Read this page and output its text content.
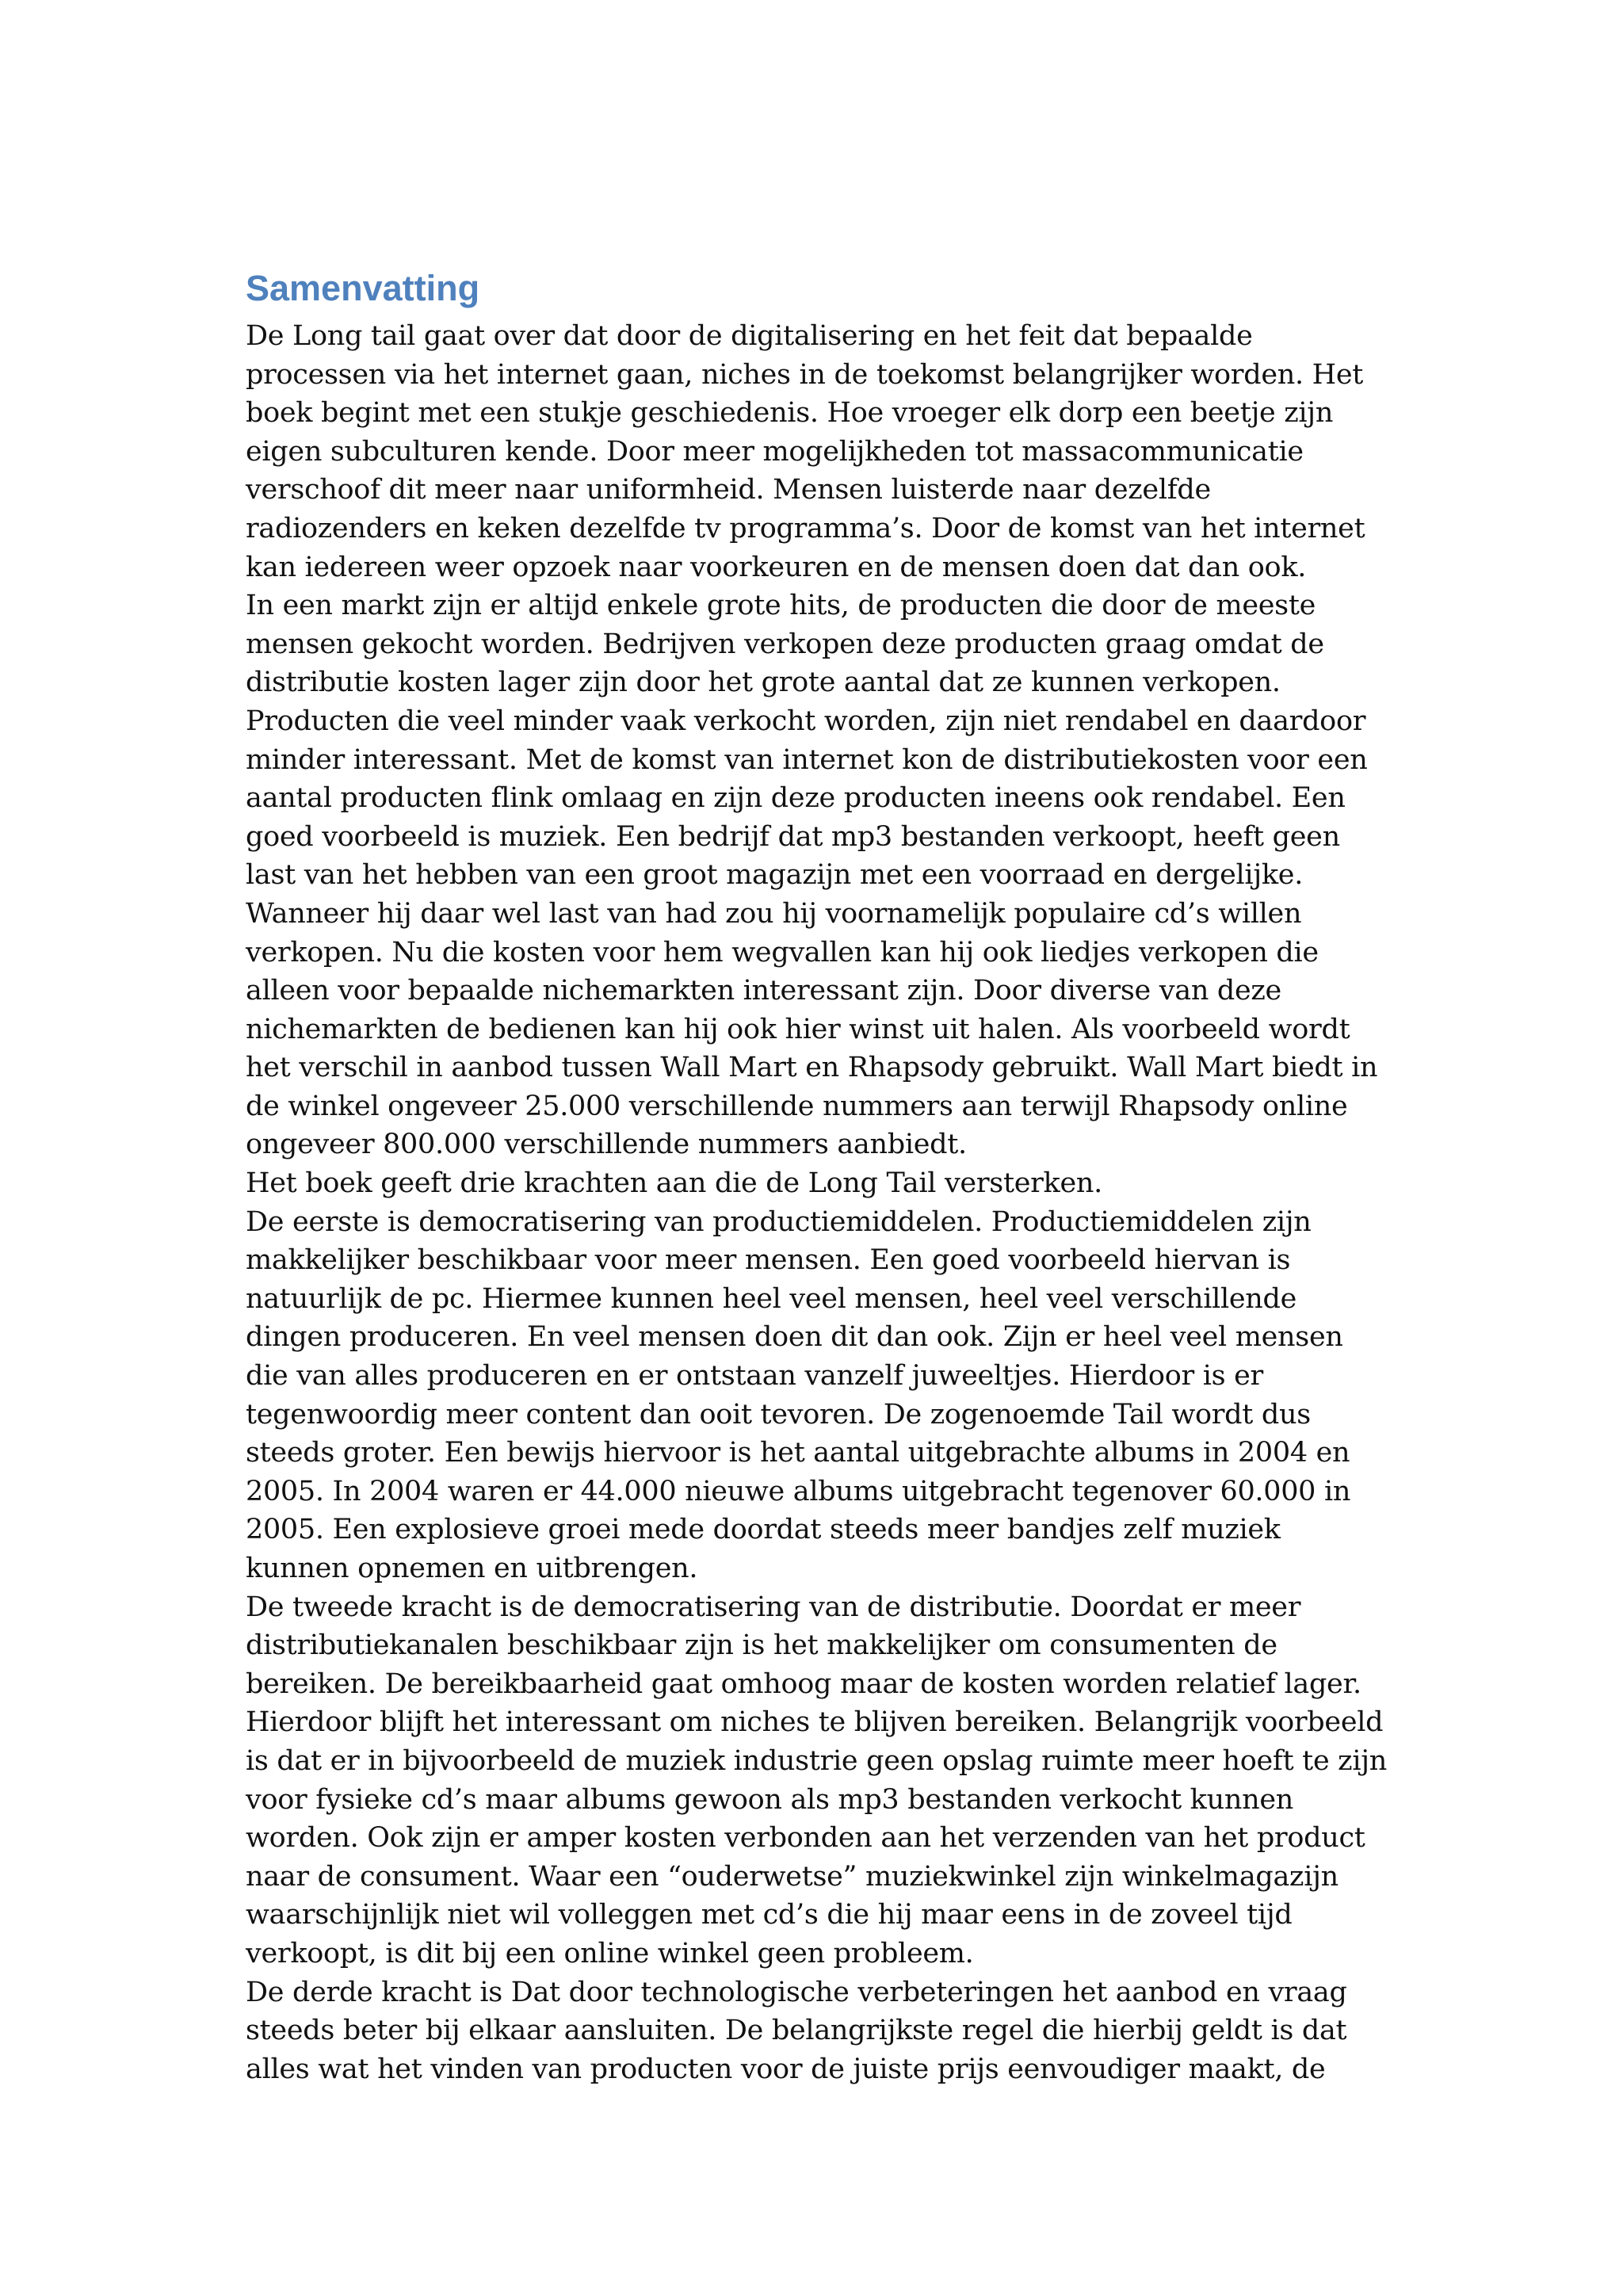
Samenvatting

De Long tail gaat over dat door de digitalisering en het feit dat bepaalde processen via het internet gaan, niches in de toekomst belangrijker worden. Het boek begint met een stukje geschiedenis. Hoe vroeger elk dorp een beetje zijn eigen subculturen kende. Door meer mogelijkheden tot massacommunicatie verschoof dit meer naar uniformheid. Mensen luisterde naar dezelfde radiozenders en keken dezelfde tv programma’s. Door de komst van het internet kan iedereen weer opzoek naar voorkeuren en de mensen doen dat dan ook.

In een markt zijn er altijd enkele grote hits, de producten die door de meeste mensen gekocht worden. Bedrijven verkopen deze producten graag omdat de distributie kosten lager zijn door het grote aantal dat ze kunnen verkopen. Producten die veel minder vaak verkocht worden, zijn niet rendabel en daardoor minder interessant. Met de komst van internet kon de distributiekosten voor een aantal producten flink omlaag en zijn deze producten ineens ook rendabel. Een goed voorbeeld is muziek. Een bedrijf dat mp3 bestanden verkoopt, heeft geen last van het hebben van een groot magazijn met een voorraad en dergelijke. Wanneer hij daar wel last van had zou hij voornamelijk populaire cd’s willen verkopen. Nu die kosten voor hem wegvallen kan hij ook liedjes verkopen die alleen voor bepaalde nichemarkten interessant zijn. Door diverse van deze nichemarkten de bedienen kan hij ook hier winst uit halen. Als voorbeeld wordt het verschil in aanbod tussen Wall Mart en Rhapsody gebruikt. Wall Mart biedt in de winkel ongeveer 25.000 verschillende nummers aan terwijl Rhapsody online ongeveer 800.000 verschillende nummers aanbiedt.

Het boek geeft drie krachten aan die de Long Tail versterken.

De eerste is democratisering van productiemiddelen. Productiemiddelen zijn makkelijker beschikbaar voor meer mensen. Een goed voorbeeld hiervan is natuurlijk de pc. Hiermee kunnen heel veel mensen, heel veel verschillende dingen produceren. En veel mensen doen dit dan ook. Zijn er heel veel mensen die van alles produceren en er ontstaan vanzelf juweeltjes. Hierdoor is er tegenwoordig meer content dan ooit tevoren. De zogenoemde Tail wordt dus steeds groter. Een bewijs hiervoor is het aantal uitgebrachte albums in 2004 en 2005. In 2004 waren er 44.000 nieuwe albums uitgebracht tegenover 60.000 in 2005. Een explosieve groei mede doordat steeds meer bandjes zelf muziek kunnen opnemen en uitbrengen.

De tweede kracht is de democratisering van de distributie. Doordat er meer distributiekanalen beschikbaar zijn is het makkelijker om consumenten de bereiken. De bereikbaarheid gaat omhoog maar de kosten worden relatief lager. Hierdoor blijft het interessant om niches te blijven bereiken. Belangrijk voorbeeld is dat er in bijvoorbeeld de muziek industrie geen opslag ruimte meer hoeft te zijn voor fysieke cd’s maar albums gewoon als mp3 bestanden verkocht kunnen worden. Ook zijn er amper kosten verbonden aan het verzenden van het product naar de consument. Waar een “ouderwetse” muziekwinkel zijn winkelmagazijn waarschijnlijk niet wil volleggen met cd’s die hij maar eens in de zoveel tijd verkoopt, is dit bij een online winkel geen probleem.

De derde kracht is Dat door technologische verbeteringen het aanbod en vraag steeds beter bij elkaar aansluiten. De belangrijkste regel die hierbij geldt is dat alles wat het vinden van producten voor de juiste prijs eenvoudiger maakt, de
